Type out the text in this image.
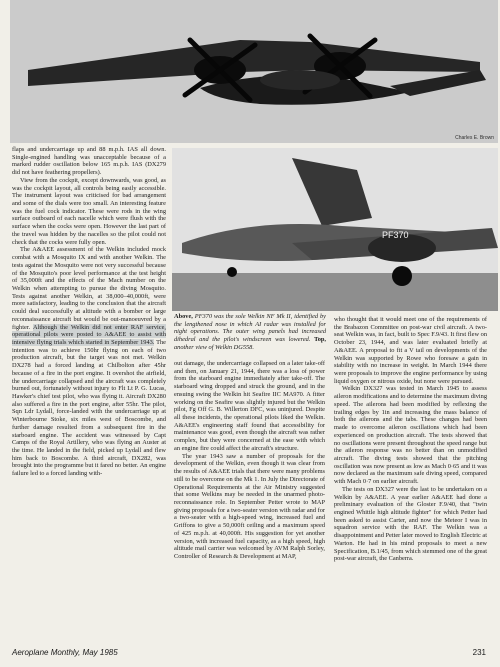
Charles E. Brown
PF370
Above, PF370 was the sole Welkin NF Mk II, identified by the lengthened nose in which AI radar was installed for night operations. The outer wing panels had increased dihedral and the pilot's windscreen was lowered. Top, another view of Welkin DG558.

flaps and undercarriage up and 88 m.p.h. IAS all down. Single-engined handling was unacceptable because of a marked rudder oscillation below 165 m.p.h. IAS (DX279 did not have feathering propellers).

View from the cockpit, except downwards, was good, as was the cockpit layout, all controls being easily accessible. The instrument layout was criticised for bad arrangement and some of the dials were too small. An interesting feature was the fuel cock indicator. These were rods in the wing surface outboard of each nacelle which were flush with the surface when the cocks were open. However the last part of the travel was hidden by the nacelles so the pilot could not check that the cocks were fully open.

The A&AEE assessment of the Welkin included mock combat with a Mosquito IX and with another Welkin. The tests against the Mosquito were not very successful because of the Mosquito's poor level performance at the test height of 35,000ft and the effects of the Mach number on the Welkin when attempting to pursue the diving Mosquito. Tests against another Welkin, at 38,000–40,000ft, were more satisfactory, leading to the conclusion that the aircraft could deal successfully at altitude with a bomber or large reconnaissance aircraft but would be out-manoeuvred by a fighter. Although the Welkin did not enter RAF service, operational pilots were posted to A&AEE to assist with intensive flying trials which started in September 1943. The intention was to achieve 150hr flying on each of two production aircraft, but the target was not met. Welkin DX278 had a forced landing at Chilbolton after 45hr because of a fire in the port engine. It overshot the airfield, the undercarriage collapsed and the aircraft was completely burned out, fortunately without injury to Flt Lt P. G. Lucas, Hawker's chief test pilot, who was flying it. Aircraft DX280 also suffered a fire in the port engine, after 55hr. The pilot, Sqn Ldr Lydall, force-landed with the undercarriage up at Winterbourne Stoke, six miles west of Boscombe, and further damage resulted from a subsequent fire in the starboard engine. The accident was witnessed by Capt Camps of the Royal Artillery, who was flying an Auster at the time. He landed in the field, picked up Lydall and flew him back to Boscombe. A third aircraft, DX282, was brought into the programme but it fared no better. An engine failure led to a forced landing with-

out damage, the undercarriage collapsed on a later take-off and then, on January 21, 1944, there was a loss of power from the starboard engine immediately after take-off. The starboard wing dropped and struck the ground, and in the ensuing swing the Welkin hit Seafire IIC MA970. A fitter working on the Seafire was slightly injured but the Welkin pilot, Fg Off G. B. Willerton DFC, was uninjured. Despite all these incidents, the operational pilots liked the Welkin. A&AEE's engineering staff found that accessibility for maintenance was good, even though the aircraft was rather complex, but they were concerned at the ease with which an engine fire could affect the aircraft's structure.

The year 1943 saw a number of proposals for the development of the Welkin, even though it was clear from the results of A&AEE trials that there were many problems still to be overcome on the Mk 1. In July the Directorate of Operational Requirements at the Air Ministry suggested that some Welkins may be needed in the unarmed photo-reconnaissance role. In September Petter wrote to MAP giving proposals for a two-seater version with radar and for a two-seater with a high-speed wing, increased fuel and Griffons to give a 50,000ft ceiling and a maximum speed of 425 m.p.h. at 40,000ft. His suggestion for yet another version, with increased fuel capacity, as a high speed, high altitude mail carrier was welcomed by AVM Ralph Sorley, Controller of Research & Development at MAP,

who thought that it would meet one of the requirements of the Brabazon Committee on post-war civil aircraft. A two-seat Welkin was, in fact, built to Spec F.9/43. It first flew on October 23, 1944, and was later evaluated briefly at A&AEE. A proposal to fit a V tail on developments of the Welkin was supported by Rowe who foresaw a gain in stability with no increase in weight. In March 1944 there were proposals to improve the engine performance by using liquid oxygen or nitrous oxide, but none were pursued.

Welkin DX327 was tested in March 1945 to assess aileron modifications and to determine the maximum diving speed. The ailerons had been modified by reflexing the trailing edges by 1in and increasing the mass balance of both the ailerons and the tabs. These changes had been made to overcome aileron oscillations which had been experienced on production aircraft. The tests showed that no oscillations were present throughout the speed range but the aileron response was no better than on unmodified aircraft. The diving tests showed that the pitching oscillation was now present as low as Mach 0·65 and it was now declared as the maximum safe diving speed, compared with Mach 0·7 on earlier aircraft.

The tests on DX327 were the last to be undertaken on a Welkin by A&AEE. A year earlier A&AEE had done a preliminary evaluation of the Gloster F.9/40, that "twin engined Whittle high altitude fighter" for which Petter had been asked to assist Carter, and now the Meteor I was in squadron service with the RAF. The Welkin was a disappointment and Petter later moved to English Electric at Warton. He had in his mind proposals to meet a new Specification, B.1/45, from which stemmed one of the great post-war aircraft, the Canberra.

Aeroplane Monthly, May 1985	231
